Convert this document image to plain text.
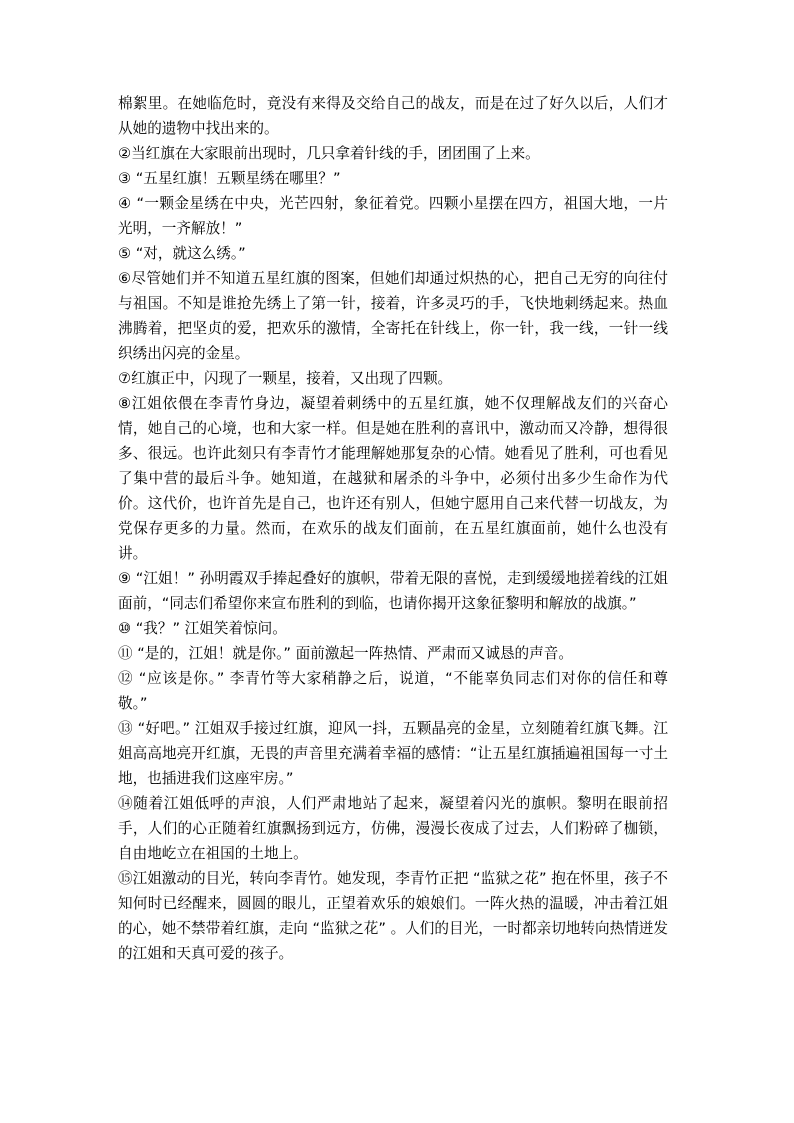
棉絮里。在她临危时，竟没有来得及交给自己的战友，而是在过了好久以后，人们才从她的遗物中找出来的。

②当红旗在大家眼前出现时，几只拿着针线的手，团团围了上来。

③ “五星红旗！五颗星绣在哪里？”

④ “一颗金星绣在中央，光芒四射，象征着党。四颗小星摆在四方，祖国大地，一片光明，一齐解放！”

⑤ “对，就这么绣。”

⑥尽管她们并不知道五星红旗的图案，但她们却通过炽热的心，把自己无穷的向往付与祖国。不知是谁抢先绣上了第一针，接着，许多灵巧的手，飞快地刺绣起来。热血沸腾着，把坚贞的爱，把欢乐的激情，全寄托在针线上，你一针，我一线，一针一线织绣出闪亮的金星。

⑦红旗正中，闪现了一颗星，接着，又出现了四颗。

⑧江姐依偎在李青竹身边，凝望着刺绣中的五星红旗，她不仅理解战友们的兴奋心情，她自己的心境，也和大家一样。但是她在胜利的喜讯中，激动而又冷静，想得很多、很远。也许此刻只有李青竹才能理解她那复杂的心情。她看见了胜利，可也看见了集中营的最后斗争。她知道，在越狱和屠杀的斗争中，必须付出多少生命作为代价。这代价，也许首先是自己，也许还有别人，但她宁愿用自己来代替一切战友，为党保存更多的力量。然而，在欢乐的战友们面前，在五星红旗面前，她什么也没有讲。

⑨ “江姐！” 孙明霞双手捧起叠好的旗帜，带着无限的喜悦，走到缓缓地搓着线的江姐面前，“同志们希望你来宣布胜利的到临，也请你揭开这象征黎明和解放的战旗。”

⑩ “我？” 江姐笑着惊问。

⑪ “是的，江姐！就是你。” 面前激起一阵热情、严肃而又诚恳的声音。

⑫ “应该是你。” 李青竹等大家稍静之后，说道，“不能辜负同志们对你的信任和尊敬。”

⑬ “好吧。” 江姐双手接过红旗，迎风一抖，五颗晶亮的金星，立刻随着红旗飞舞。江姐高高地亮开红旗，无畏的声音里充满着幸福的感情：“让五星红旗插遍祖国每一寸土地，也插进我们这座牢房。”

⑭随着江姐低呼的声浪，人们严肃地站了起来，凝望着闪光的旗帜。黎明在眼前招手，人们的心正随着红旗飘扬到远方，仿佛，漫漫长夜成了过去，人们粉碎了枷锁，自由地屹立在祖国的土地上。

⑮江姐激动的目光，转向李青竹。她发现，李青竹正把 “监狱之花” 抱在怀里，孩子不知何时已经醒来，圆圆的眼儿，正望着欢乐的娘娘们。一阵火热的温暖，冲击着江姐的心，她不禁带着红旗，走向 “监狱之花” 。人们的目光，一时都亲切地转向热情迸发的江姐和天真可爱的孩子。
